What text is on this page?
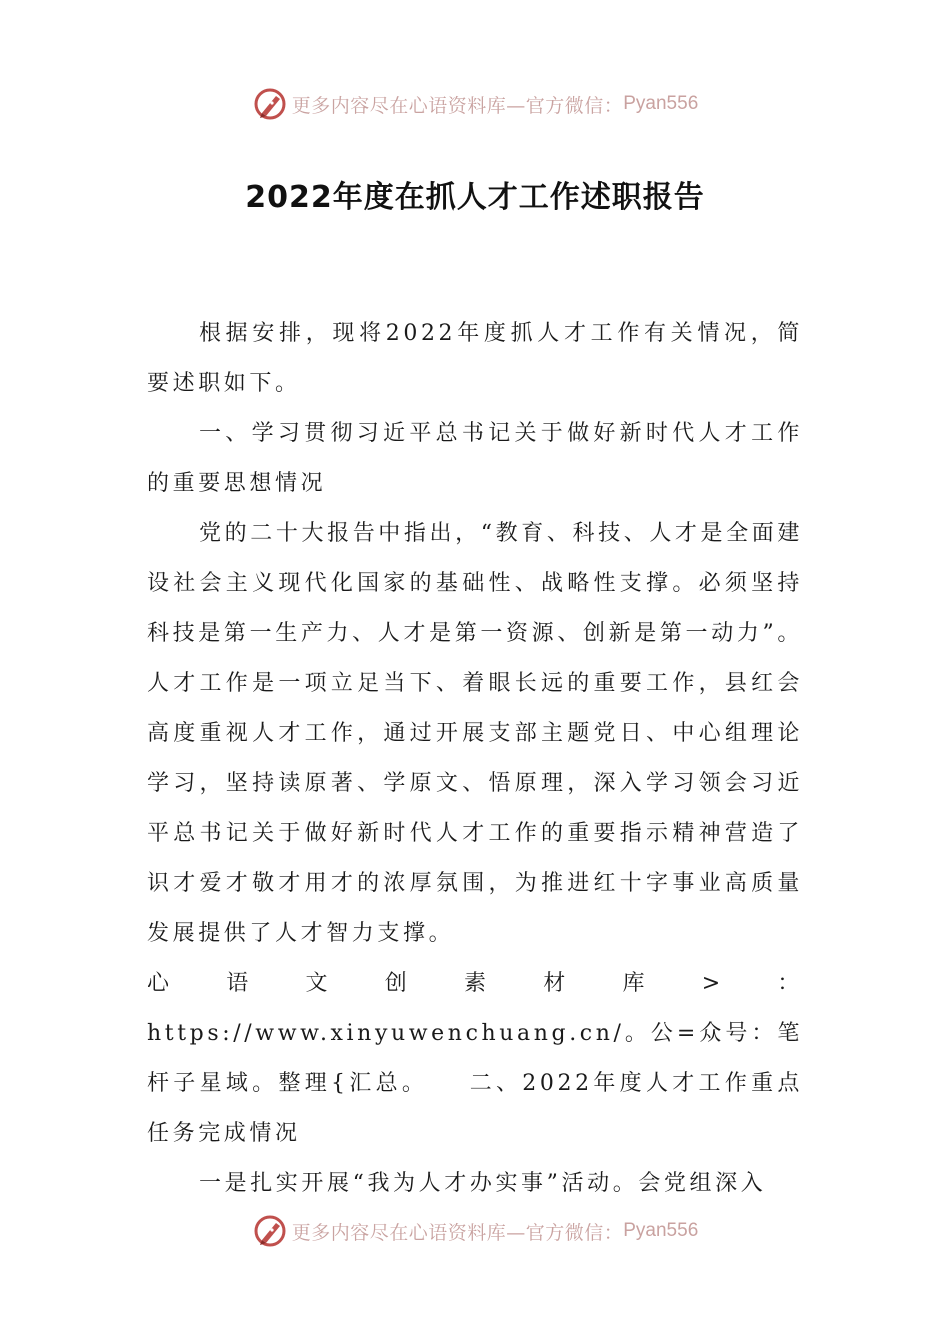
更多内容尽在心语资料库—官方微信： Pyan556
2022年度在抓人才工作述职报告

根据安排，现将2022年度抓人才工作有关情况，简要述职如下。

一、学习贯彻习近平总书记关于做好新时代人才工作的重要思想情况

党的二十大报告中指出，“教育、科技、人才是全面建设社会主义现代化国家的基础性、战略性支撑。必须坚持科技是第一生产力、人才是第一资源、创新是第一动力”。人才工作是一项立足当下、着眼长远的重要工作，县红会高度重视人才工作，通过开展支部主题党日、中心组理论学习，坚持读原著、学原文、悟原理，深入学习领会习近平总书记关于做好新时代人才工作的重要指示精神营造了识才爱才敬才用才的浓厚氛围，为推进红十字事业高质量发展提供了人才智力支撑。

心语文创素材库>：https://www.xinyuwenchuang.cn/。公=众号：笔杆子星域。整理{汇总。　　二、2022年度人才工作重点任务完成情况

一是扎实开展“我为人才办实事”活动。会党组深入

更多内容尽在心语资料库—官方微信： Pyan556
